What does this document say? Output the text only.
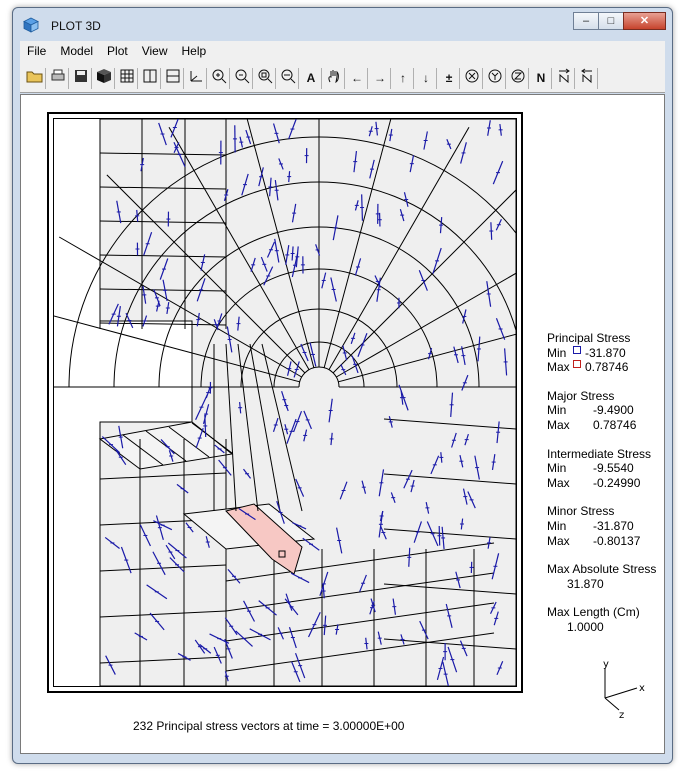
PLOT 3D	–	□	✕
File	Model	Plot	View	Help
A	← →	↑	↓	±	N
Principal Stress
Min	-31.870
Max	0.78746
Major Stress
Min	-9.4900
Max	0.78746
Intermediate Stress
Min	-9.5540
Max	-0.24990
Minor Stress
Min	-31.870
Max	-0.80137
Max Absolute Stress
31.870
Max Length (Cm)
1.0000
y
x
z
232 Principal stress vectors at time = 3.00000E+00
